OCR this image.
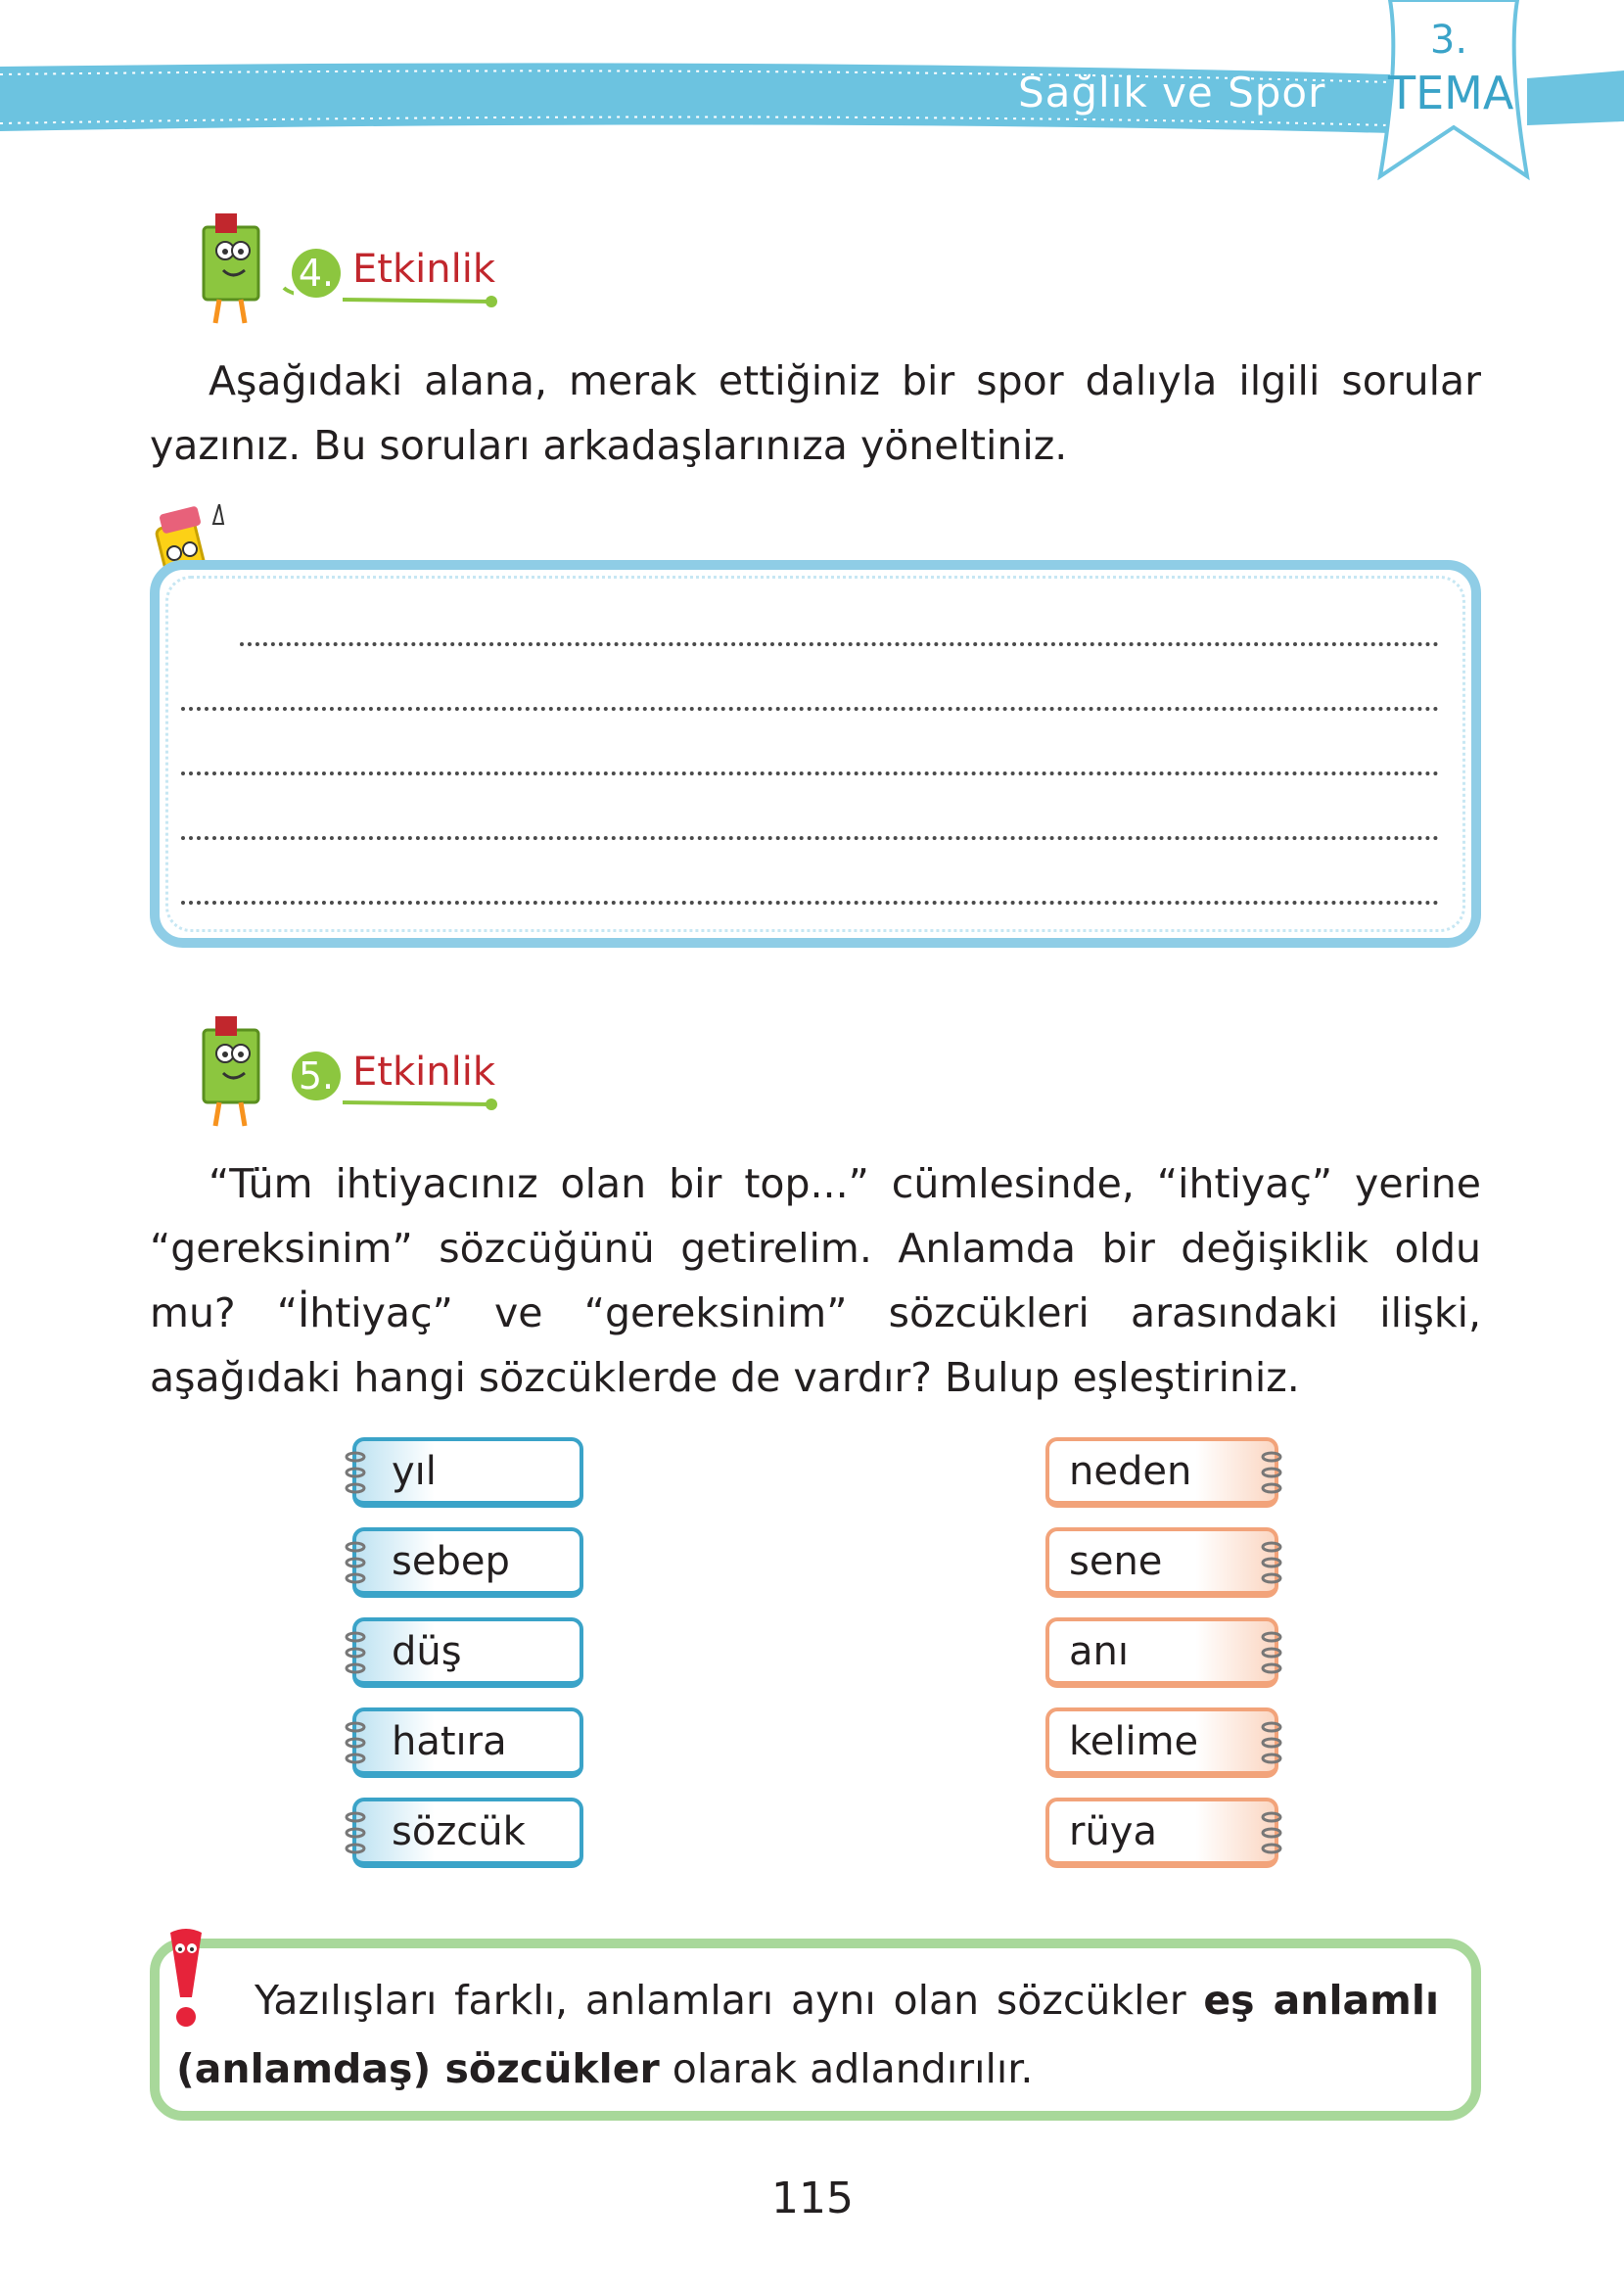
Sağlık ve Spor
3.
TEMA
4. Etkinlik
Aşağıdaki alana, merak ettiğiniz bir spor dalıyla ilgili sorular yazınız. Bu soruları arkadaşlarınıza yöneltiniz.
5. Etkinlik
“Tüm ihtiyacınız olan bir top...” cümlesinde, “ihtiyaç” yerine “gereksinim” sözcüğünü getirelim. Anlamda bir değişiklik oldu mu? “İhtiyaç” ve “gereksinim” sözcükleri arasındaki ilişki, aşağıdaki hangi sözcüklerde de vardır? Bulup eşleştiriniz.
yıl
sebep
düş
hatıra
sözcük
neden
sene
anı
kelime
rüya
Yazılışları farklı, anlamları aynı olan sözcükler eş anlamlı (anlamdaş) sözcükler olarak adlandırılır.
115
